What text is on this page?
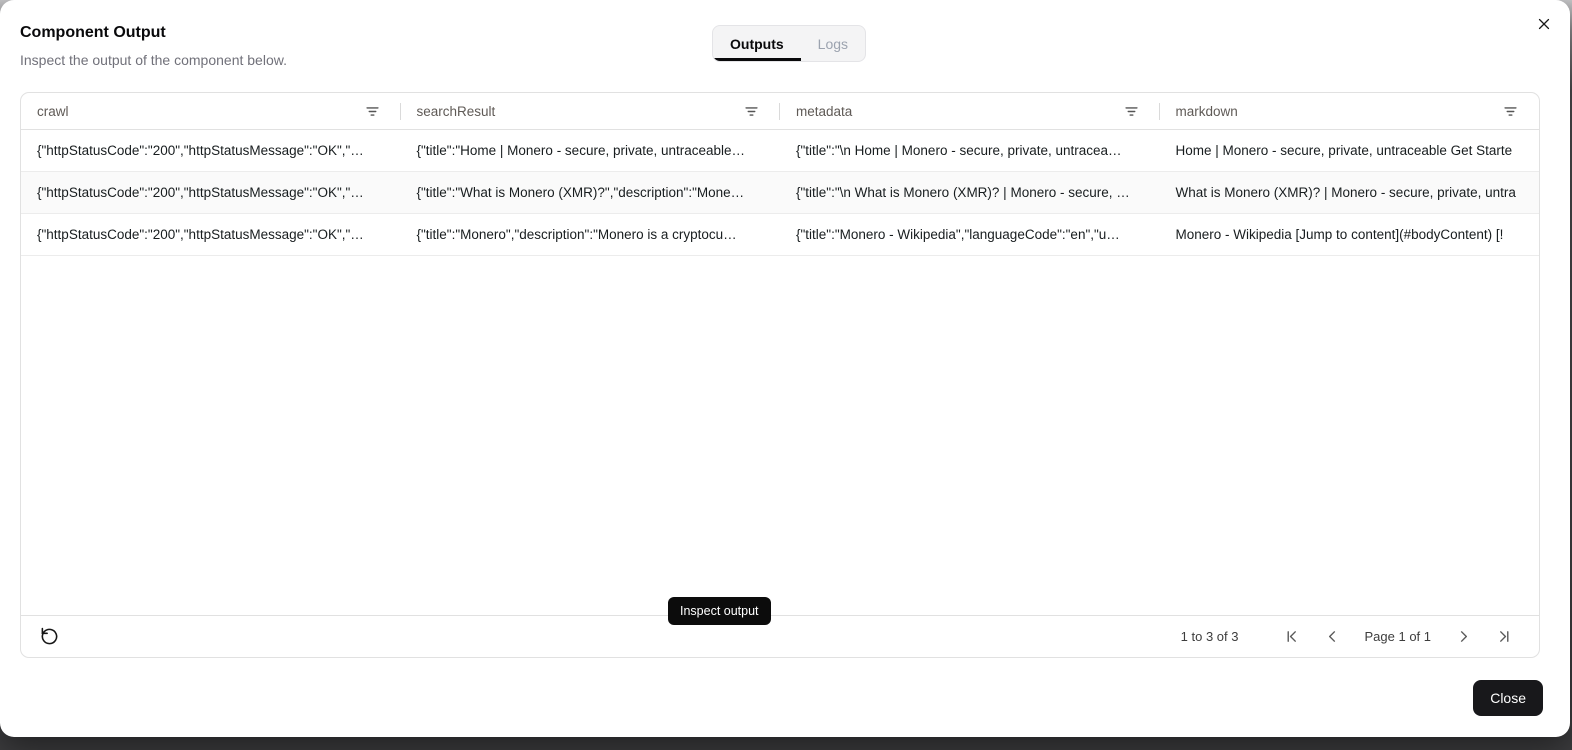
Component Output
Inspect the output of the component below.
Outputs	Logs
crawl	searchResult	metadata	markdown
{"httpStatusCode":"200","httpStatusMessage":"OK","…	{"title":"Home | Monero - secure, private, untraceable…	{"title":"\n Home | Monero - secure, private, untracea…	Home | Monero - secure, private, untraceable Get Starte
{"httpStatusCode":"200","httpStatusMessage":"OK","…	{"title":"What is Monero (XMR)?","description":"Mone…	{"title":"\n What is Monero (XMR)? | Monero - secure, …	What is Monero (XMR)? | Monero - secure, private, untra
{"httpStatusCode":"200","httpStatusMessage":"OK","…	{"title":"Monero","description":"Monero is a cryptocu…	{"title":"Monero - Wikipedia","languageCode":"en","u…	Monero - Wikipedia [Jump to content](#bodyContent) [!
Inspect output
1 to 3 of 3	Page 1 of 1
Close
